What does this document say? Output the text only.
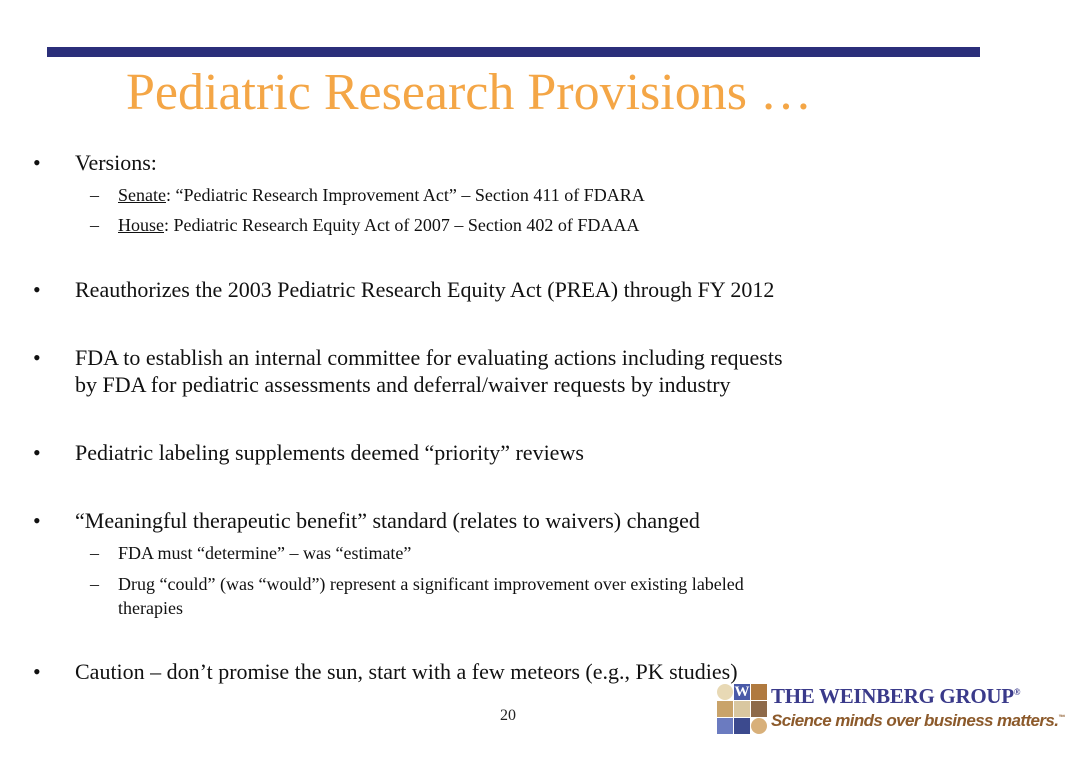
Pediatric Research Provisions …
• Versions:
– Senate: “Pediatric Research Improvement Act” – Section 411 of FDARA
– House: Pediatric Research Equity Act of 2007 – Section 402 of FDAAA
• Reauthorizes the 2003 Pediatric Research Equity Act (PREA) through FY 2012
• FDA to establish an internal committee for evaluating actions including requests
by FDA for pediatric assessments and deferral/waiver requests by industry
• Pediatric labeling supplements deemed “priority” reviews
• “Meaningful therapeutic benefit” standard (relates to waivers) changed
– FDA must “determine” – was “estimate”
– Drug “could” (was “would”) represent a significant improvement over existing labeled
therapies
• Caution – don’t promise the sun, start with a few meteors (e.g., PK studies)
20
W THE WEINBERG GROUP®
Science minds over business matters.™
